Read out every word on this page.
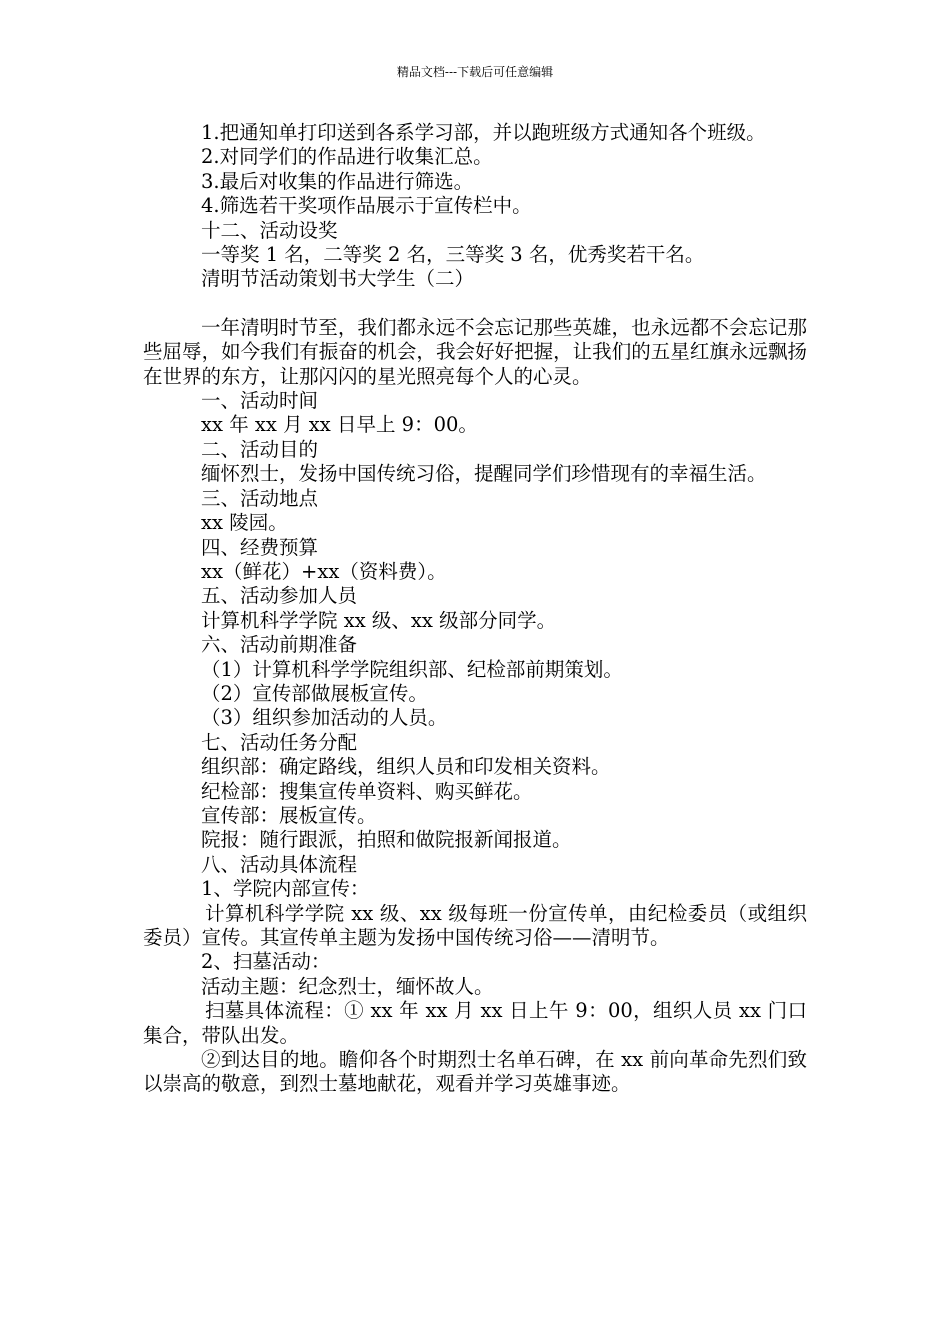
精品文档---下载后可任意编辑

1.把通知单打印送到各系学习部，并以跑班级方式通知各个班级。

2.对同学们的作品进行收集汇总。

3.最后对收集的作品进行筛选。

4.筛选若干奖项作品展示于宣传栏中。

十二、活动设奖

一等奖 1 名，二等奖 2 名，三等奖 3 名，优秀奖若干名。

清明节活动策划书大学生（二）

一年清明时节至，我们都永远不会忘记那些英雄，也永远都不会忘记那些屈辱，如今我们有振奋的机会，我会好好把握，让我们的五星红旗永远飘扬在世界的东方，让那闪闪的星光照亮每个人的心灵。

一、活动时间

xx 年 xx 月 xx 日早上 9：00。

二、活动目的

缅怀烈士，发扬中国传统习俗，提醒同学们珍惜现有的幸福生活。

三、活动地点

xx 陵园。

四、经费预算

xx（鲜花）+xx（资料费）。

五、活动参加人员

计算机科学学院 xx 级、xx 级部分同学。

六、活动前期准备

（1）计算机科学学院组织部、纪检部前期策划。

（2）宣传部做展板宣传。

（3）组织参加活动的人员。

七、活动任务分配

组织部：确定路线，组织人员和印发相关资料。

纪检部：搜集宣传单资料、购买鲜花。

宣传部：展板宣传。

院报：随行跟派，拍照和做院报新闻报道。

八、活动具体流程

1、学院内部宣传：

计算机科学学院 xx 级、xx 级每班一份宣传单，由纪检委员（或组织委员）宣传。其宣传单主题为发扬中国传统习俗——清明节。

2、扫墓活动：

活动主题：纪念烈士，缅怀故人。

扫墓具体流程：① xx 年 xx 月 xx 日上午 9：00，组织人员 xx 门口集合，带队出发。

②到达目的地。瞻仰各个时期烈士名单石碑，在 xx 前向革命先烈们致以崇高的敬意，到烈士墓地献花，观看并学习英雄事迹。
